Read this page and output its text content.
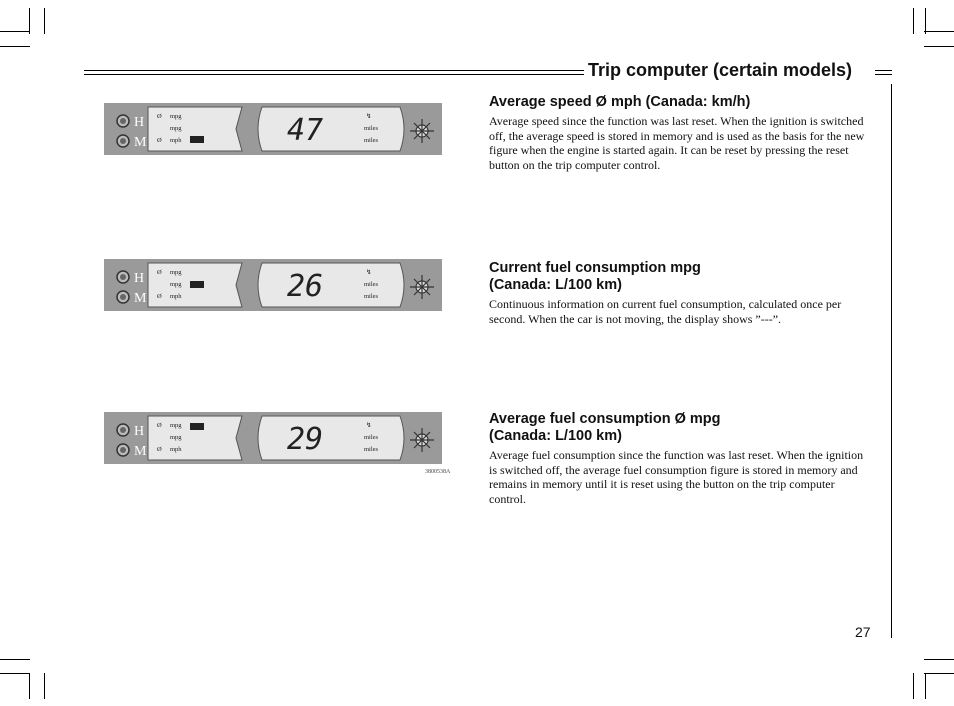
Trip computer (certain models)
H
M
Ø mpg
mpg
Ø mph	47	miles
miles
↯
H
M
Ø mpg
mpg
Ø mph	26	miles
miles
↯
H
M
Ø mpg
mpg
Ø mph	29	miles
miles
↯
3800538A
Average speed Ø mph (Canada: km/h)

Average speed since the function was last reset. When the ignition is switched off, the average speed is stored in memory and is used as the basis for the new figure when the engine is started again. It can be reset by pressing the reset button on the trip computer control.

Current fuel consumption mpg
(Canada: L/100 km)

Continuous information on current fuel consumption, calculated once per second. When the car is not moving, the display shows ”---”.

Average fuel consumption Ø mpg
(Canada: L/100 km)

Average fuel consumption since the function was last reset. When the ignition is switched off, the average fuel consumption figure is stored in memory and remains in memory until it is reset using the button on the trip computer control.

27
